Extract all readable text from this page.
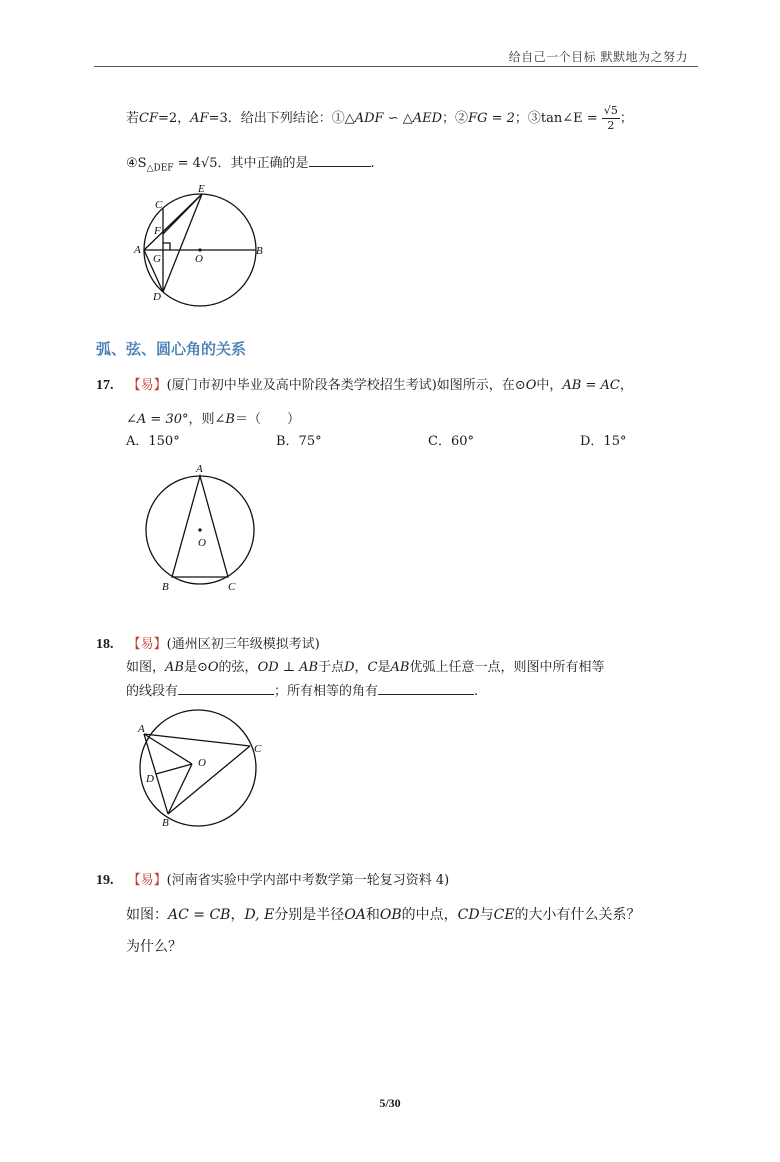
给自己一个目标 默默地为之努力
若CF=2，AF=3．给出下列结论：①△ADF ∽ △AED；②FG = 2；③tan∠E = $\frac{√5}{2}$ ；
$④S_{\triangle DEF} = 4√5$．其中正确的是	.
C
E
F
A
G	O
B
D
弧、弦、圆心角的关系
17. 【易】(厦门市初中毕业及高中阶段各类学校招生考试)如图所示，在⊙O中，AB = AC，
∠A = 30°，则∠B＝（　　）
A．150°	B．75°	C．60°	D．15°
A
O
B	C
18. 【易】(通州区初三年级模拟考试)
如图，AB是⊙O的弦，OD ⊥ AB于点D，C是AB优弧上任意一点，则图中所有相等
的线段有	；所有相等的角有	.
A
C
O
D
B
19. 【易】(河南省实验中学内部中考数学第一轮复习资料 4)
如图：AC = CB，D, E分别是半径OA和OB的中点，CD与CE的大小有什么关系？
为什么？
5/30
